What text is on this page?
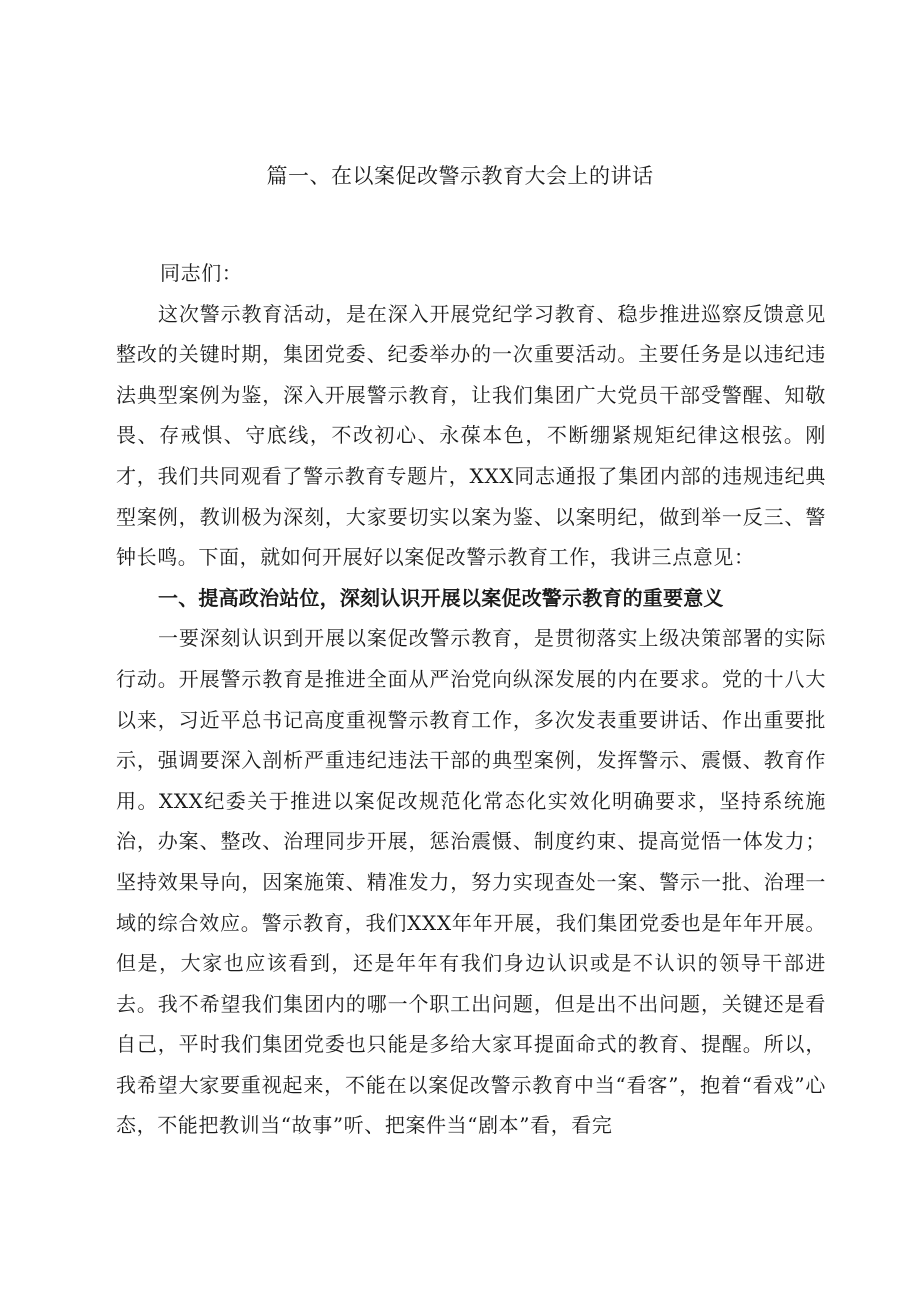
篇一、在以案促改警示教育大会上的讲话

同志们：

这次警示教育活动，是在深入开展党纪学习教育、稳步推进巡察反馈意见整改的关键时期，集团党委、纪委举办的一次重要活动。主要任务是以违纪违法典型案例为鉴，深入开展警示教育，让我们集团广大党员干部受警醒、知敬畏、存戒惧、守底线，不改初心、永葆本色，不断绷紧规矩纪律这根弦。刚才，我们共同观看了警示教育专题片，XXX同志通报了集团内部的违规违纪典型案例，教训极为深刻，大家要切实以案为鉴、以案明纪，做到举一反三、警钟长鸣。下面，就如何开展好以案促改警示教育工作，我讲三点意见：

一、提高政治站位，深刻认识开展以案促改警示教育的重要意义

一要深刻认识到开展以案促改警示教育，是贯彻落实上级决策部署的实际行动。开展警示教育是推进全面从严治党向纵深发展的内在要求。党的十八大以来，习近平总书记高度重视警示教育工作，多次发表重要讲话、作出重要批示，强调要深入剖析严重违纪违法干部的典型案例，发挥警示、震慑、教育作用。XXX纪委关于推进以案促改规范化常态化实效化明确要求，坚持系统施治，办案、整改、治理同步开展，惩治震慑、制度约束、提高觉悟一体发力；坚持效果导向，因案施策、精准发力，努力实现查处一案、警示一批、治理一域的综合效应。警示教育，我们XXX年年开展，我们集团党委也是年年开展。但是，大家也应该看到，还是年年有我们身边认识或是不认识的领导干部进去。我不希望我们集团内的哪一个职工出问题，但是出不出问题，关键还是看自己，平时我们集团党委也只能是多给大家耳提面命式的教育、提醒。所以，我希望大家要重视起来，不能在以案促改警示教育中当“看客”，抱着“看戏”心态，不能把教训当“故事”听、把案件当“剧本”看，看完
